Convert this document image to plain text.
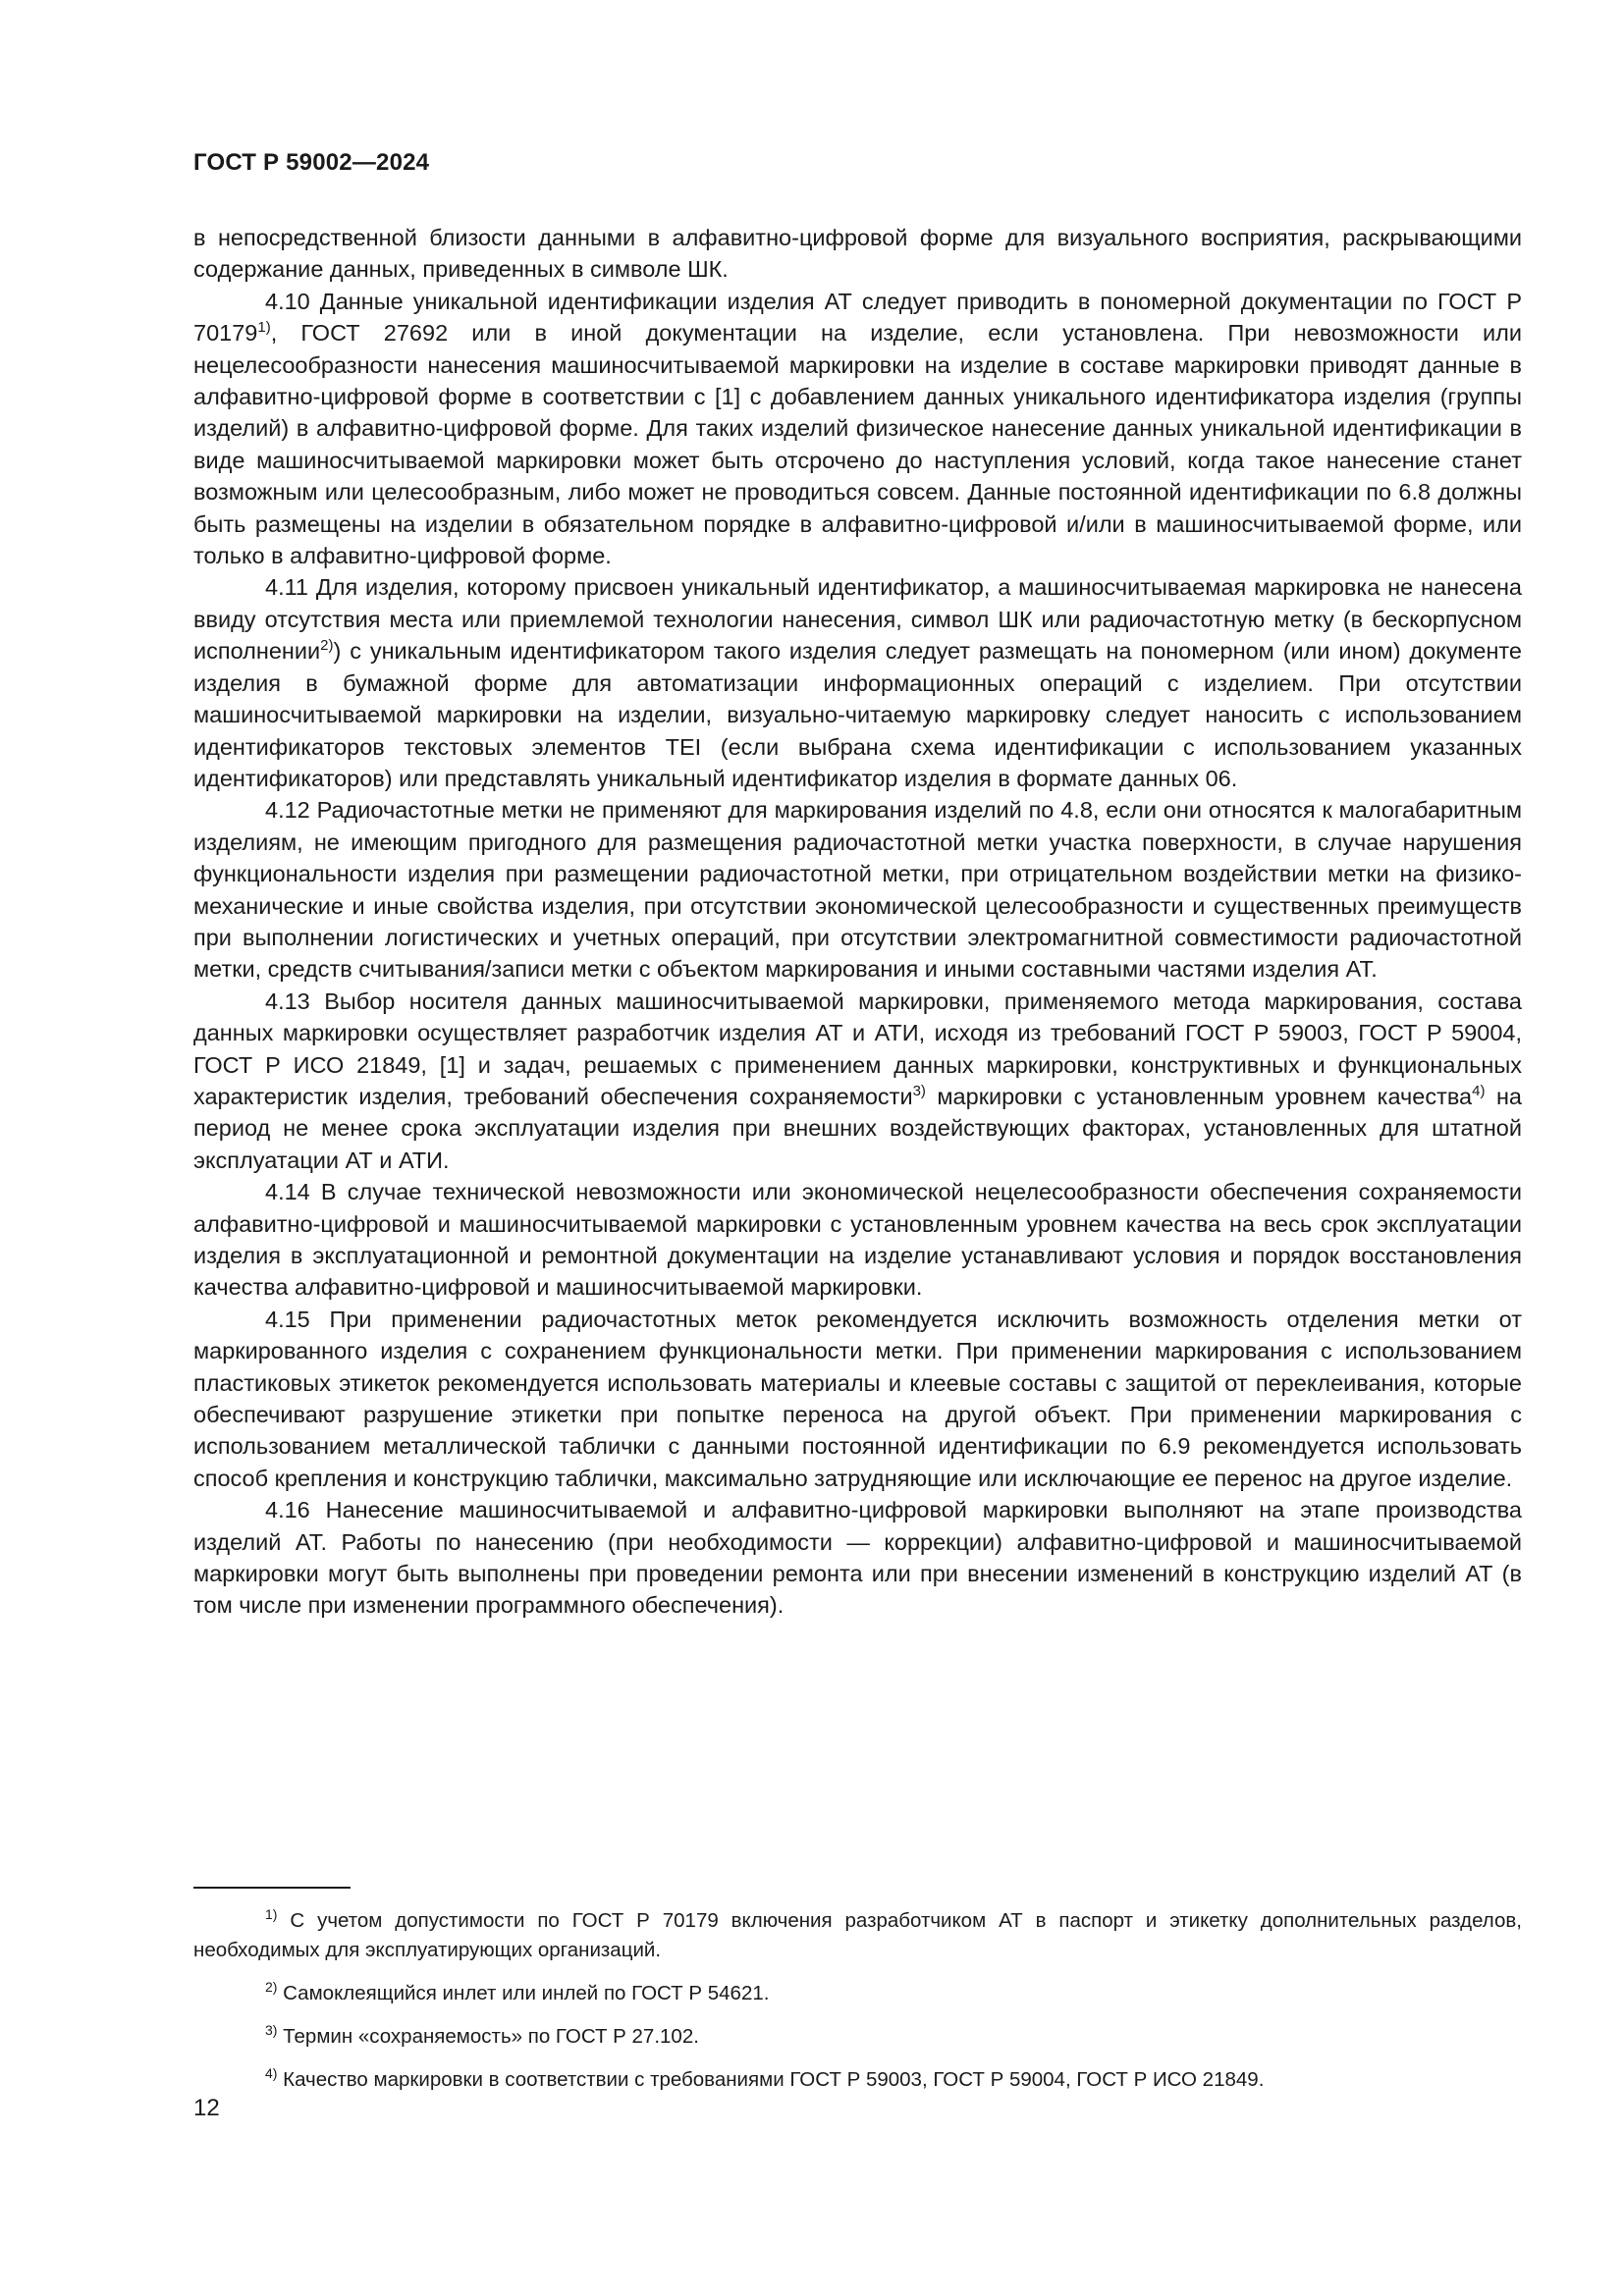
ГОСТ Р 59002—2024

в непосредственной близости данными в алфавитно-цифровой форме для визуального восприятия, раскрывающими содержание данных, приведенных в символе ШК.

4.10 Данные уникальной идентификации изделия АТ следует приводить в пономерной документации по ГОСТ Р 70179$^{1)}$, ГОСТ 27692 или в иной документации на изделие, если установлена. При невозможности или нецелесообразности нанесения машиносчитываемой маркировки на изделие в составе маркировки приводят данные в алфавитно-цифровой форме в соответствии с [1] с добавлением данных уникального идентификатора изделия (группы изделий) в алфавитно-цифровой форме. Для таких изделий физическое нанесение данных уникальной идентификации в виде машиносчитываемой маркировки может быть отсрочено до наступления условий, когда такое нанесение станет возможным или целесообразным, либо может не проводиться совсем. Данные постоянной идентификации по 6.8 должны быть размещены на изделии в обязательном порядке в алфавитно-цифровой и/или в машиносчитываемой форме, или только в алфавитно-цифровой форме.

4.11 Для изделия, которому присвоен уникальный идентификатор, а машиносчитываемая маркировка не нанесена ввиду отсутствия места или приемлемой технологии нанесения, символ ШК или радиочастотную метку (в бескорпусном исполнении$^{2)}$) с уникальным идентификатором такого изделия следует размещать на пономерном (или ином) документе изделия в бумажной форме для автоматизации информационных операций с изделием. При отсутствии машиносчитываемой маркировки на изделии, визуально-читаемую маркировку следует наносить с использованием идентификаторов текстовых элементов TEI (если выбрана схема идентификации с использованием указанных идентификаторов) или представлять уникальный идентификатор изделия в формате данных 06.

4.12 Радиочастотные метки не применяют для маркирования изделий по 4.8, если они относятся к малогабаритным изделиям, не имеющим пригодного для размещения радиочастотной метки участка поверхности, в случае нарушения функциональности изделия при размещении радиочастотной метки, при отрицательном воздействии метки на физико-механические и иные свойства изделия, при отсутствии экономической целесообразности и существенных преимуществ при выполнении логистических и учетных операций, при отсутствии электромагнитной совместимости радиочастотной метки, средств считывания/записи метки с объектом маркирования и иными составными частями изделия АТ.

4.13 Выбор носителя данных машиносчитываемой маркировки, применяемого метода маркирования, состава данных маркировки осуществляет разработчик изделия АТ и АТИ, исходя из требований ГОСТ Р 59003, ГОСТ Р 59004, ГОСТ Р ИСО 21849, [1] и задач, решаемых с применением данных маркировки, конструктивных и функциональных характеристик изделия, требований обеспечения сохраняемости$^{3)}$ маркировки с установленным уровнем качества$^{4)}$ на период не менее срока эксплуатации изделия при внешних воздействующих факторах, установленных для штатной эксплуатации АТ и АТИ.

4.14 В случае технической невозможности или экономической нецелесообразности обеспечения сохраняемости алфавитно-цифровой и машиносчитываемой маркировки с установленным уровнем качества на весь срок эксплуатации изделия в эксплуатационной и ремонтной документации на изделие устанавливают условия и порядок восстановления качества алфавитно-цифровой и машиносчитываемой маркировки.

4.15 При применении радиочастотных меток рекомендуется исключить возможность отделения метки от маркированного изделия с сохранением функциональности метки. При применении маркирования с использованием пластиковых этикеток рекомендуется использовать материалы и клеевые составы с защитой от переклеивания, которые обеспечивают разрушение этикетки при попытке переноса на другой объект. При применении маркирования с использованием металлической таблички с данными постоянной идентификации по 6.9 рекомендуется использовать способ крепления и конструкцию таблички, максимально затрудняющие или исключающие ее перенос на другое изделие.

4.16 Нанесение машиносчитываемой и алфавитно-цифровой маркировки выполняют на этапе производства изделий АТ. Работы по нанесению (при необходимости — коррекции) алфавитно-цифровой и машиносчитываемой маркировки могут быть выполнены при проведении ремонта или при внесении изменений в конструкцию изделий АТ (в том числе при изменении программного обеспечения).

$^{1)}$ С учетом допустимости по ГОСТ Р 70179 включения разработчиком АТ в паспорт и этикетку дополнительных разделов, необходимых для эксплуатирующих организаций.

$^{2)}$ Самоклеящийся инлет или инлей по ГОСТ Р 54621.

$^{3)}$ Термин «сохраняемость» по ГОСТ Р 27.102.

$^{4)}$ Качество маркировки в соответствии с требованиями ГОСТ Р 59003, ГОСТ Р 59004, ГОСТ Р ИСО 21849.

12
